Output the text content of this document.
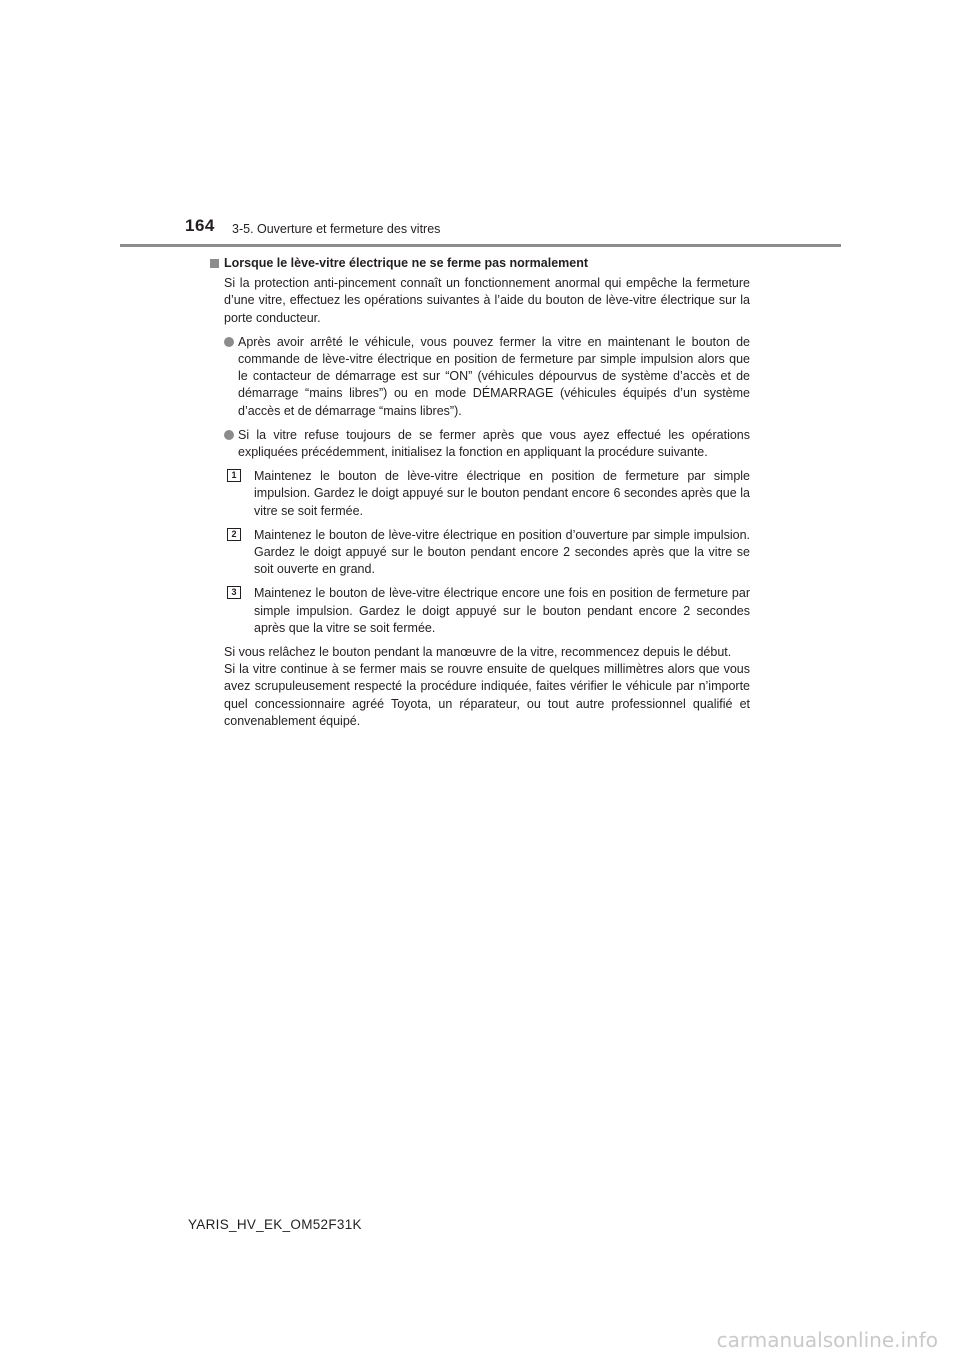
164 3-5. Ouverture et fermeture des vitres
Lorsque le lève-vitre électrique ne se ferme pas normalement

Si la protection anti-pincement connaît un fonctionnement anormal qui empêche la fermeture d’une vitre, effectuez les opérations suivantes à l’aide du bouton de lève-vitre électrique sur la porte conducteur.

Après avoir arrêté le véhicule, vous pouvez fermer la vitre en maintenant le bouton de commande de lève-vitre électrique en position de fermeture par simple impulsion alors que le contacteur de démarrage est sur “ON” (véhicules dépourvus de système d’accès et de démarrage “mains libres”) ou en mode DÉMARRAGE (véhicules équipés d’un système d’accès et de démarrage “mains libres”).
Si la vitre refuse toujours de se fermer après que vous ayez effectué les opérations expliquées précédemment, initialisez la fonction en appliquant la procédure suivante.
1	Maintenez le bouton de lève-vitre électrique en position de fermeture par simple impulsion. Gardez le doigt appuyé sur le bouton pendant encore 6 secondes après que la vitre se soit fermée.
2	Maintenez le bouton de lève-vitre électrique en position d’ouverture par simple impulsion. Gardez le doigt appuyé sur le bouton pendant encore 2 secondes après que la vitre se soit ouverte en grand.
3	Maintenez le bouton de lève-vitre électrique encore une fois en position de fermeture par simple impulsion. Gardez le doigt appuyé sur le bouton pendant encore 2 secondes après que la vitre se soit fermée.

Si vous relâchez le bouton pendant la manœuvre de la vitre, recommencez depuis le début.
Si la vitre continue à se fermer mais se rouvre ensuite de quelques millimètres alors que vous avez scrupuleusement respecté la procédure indiquée, faites vérifier le véhicule par n’importe quel concessionnaire agréé Toyota, un réparateur, ou tout autre professionnel qualifié et convenablement équipé.

YARIS_HV_EK_OM52F31K
carmanualsonline.info
